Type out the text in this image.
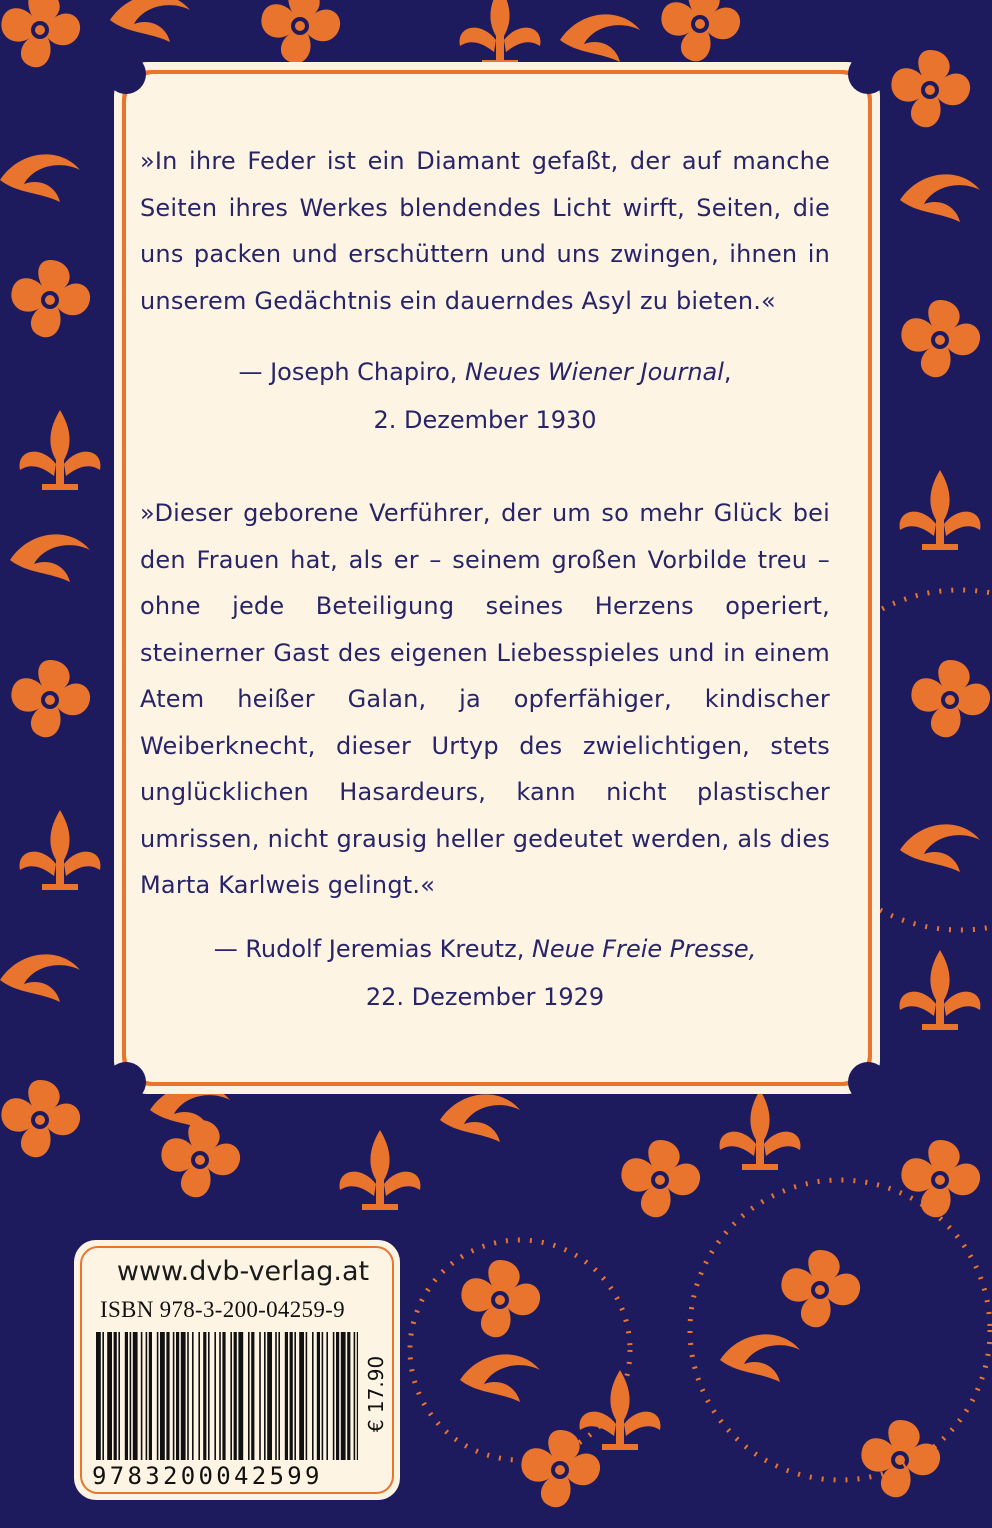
»In ihre Feder ist ein Diamant gefaßt, der auf manche Seiten ihres Werkes blendendes Licht wirft, Seiten, die uns packen und erschüttern und uns zwingen, ihnen in unserem Gedächtnis ein dauerndes Asyl zu bieten.«

— Joseph Chapiro, Neues Wiener Journal,
2. Dezember 1930

»Dieser geborene Verführer, der um so mehr Glück bei den Frauen hat, als er – seinem großen Vorbilde treu – ohne jede Beteiligung seines Herzens operiert, steinerner Gast des eigenen Liebesspieles und in einem Atem heißer Galan, ja opferfähiger, kindischer Weiberknecht, dieser Urtyp des zwielichtigen, stets unglücklichen Hasardeurs, kann nicht plastischer umrissen, nicht grausig heller gedeutet werden, als dies Marta Karlweis gelingt.«

— Rudolf Jeremias Kreutz, Neue Freie Presse,
22. Dezember 1929

www.dvb-verlag.at
ISBN 978-3-200-04259-9
9783200042599
€ 17.90
